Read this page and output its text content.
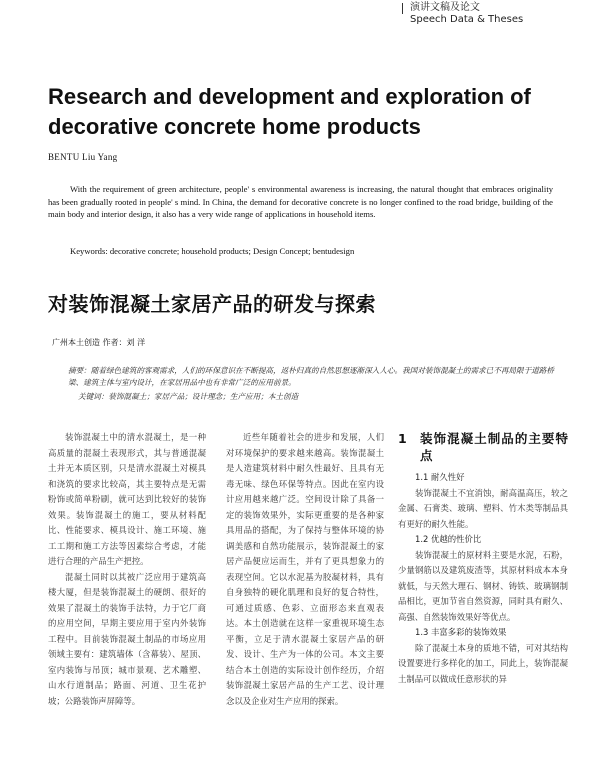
演讲文稿及论文
Speech Data & Theses
Research and development and exploration of decorative concrete home products
BENTU Liu Yang
With the requirement of green architecture, people' s environmental awareness is increasing, the natural thought that embraces originality has been gradually rooted in people' s mind. In China, the demand for decorative concrete is no longer confined to the road bridge, building of the main body and interior design, it also has a very wide range of applications in household items.
Keywords: decorative concrete; household products; Design Concept; bentudesign
对装饰混凝土家居产品的研发与探索
广州本土创造 作者：刘 洋
摘要：随着绿色建筑的客观需求，人们的环保意识在不断提高，返朴归真的自然思想逐渐深入人心。我国对装饰混凝土的需求已不再局限于道路桥梁、建筑主体与室内设计，在家居用品中也有非常广泛的应用前景。
关键词：装饰混凝土；家居产品；设计理念；生产应用；本土创造

装饰混凝土中的清水混凝土，是一种高质量的混凝土表现形式，其与普通混凝土并无本质区别，只是清水混凝土对模具和浇筑的要求比较高，其主要特点是无需粉饰或简单粉刷，就可达到比较好的装饰效果。装饰混凝土的施工，要从材料配比、性能要求、模具设计、施工环境、施工工期和施工方法等因素综合考虑，才能进行合理的产品生产把控。

混凝土同时以其被广泛应用于建筑高楼大厦，但是装饰混凝土的硬朗、很好的效果了混凝土的装饰手法特，力于它厂商的应用空间，早期主要应用于室内外装饰工程中。目前装饰混凝土制品的市场应用领域主要有：建筑墙体（含幕装）、屋顶、室内装饰与吊顶；城市景观、艺术雕塑、山水行道制品；路面、河道、卫生花护坡；公路装饰声屏障等。

近些年随着社会的进步和发展，人们对环境保护的要求越来越高。装饰混凝土是人造建筑材料中耐久性最好、且具有无毒无味、绿色环保等特点。因此在室内设计应用越来越广泛。空间设计除了具备一定的装饰效果外，实际更重要的是各种家具用品的搭配，为了保持与整体环境的协调美感和自然功能展示，装饰混凝土的家居产品便应运而生，并有了更具想象力的表现空间。它以水泥基为胶凝材料，具有自身独特的硬化肌理和良好的复合特性，可通过质感、色彩、立面形态来直观表达。本土创造就在这样一家重视环境生态平衡，立足于清水混凝土家居产品的研发、设计、生产为一体的公司。本文主要结合本土创造的实际设计创作经历，介绍装饰混凝土家居产品的生产工艺、设计理念以及企业对生产应用的探索。

1	装饰混凝土制品的主要特点
1.1 耐久性好

装饰混凝土不宜消蚀，耐高温高压，较之金属、石膏类、玻璃、塑料、竹木类等制品具有更好的耐久性能。

1.2 优越的性价比

装饰混凝土的原材料主要是水泥，石粉，少量钢筋以及建筑废渣等，其原材料成本本身就低，与天然大理石、钢材、铸铁、玻璃钢制品相比，更加节省自然资源，同时具有耐久、高强、自然装饰效果好等优点。

1.3 丰富多彩的装饰效果

除了混凝土本身的质地不错，可对其结构设置要进行多样化的加工，同此上，装饰混凝土制品可以做成任意形状的异
